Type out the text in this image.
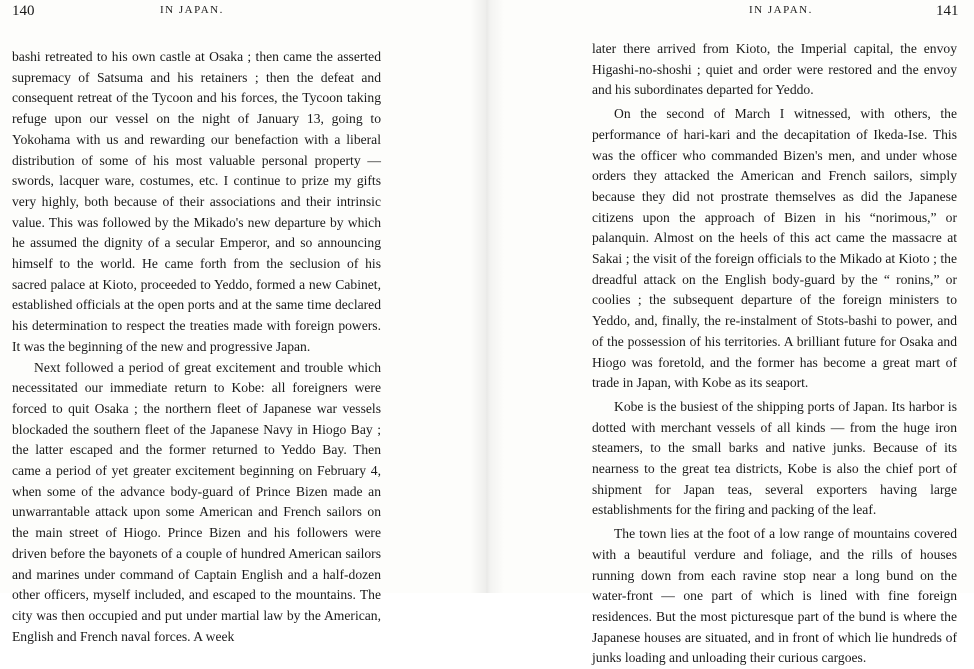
140	IN JAPAN.

bashi retreated to his own castle at Osaka ; then came the asserted supremacy of Satsuma and his retainers ; then the defeat and consequent retreat of the Tycoon and his forces, the Tycoon taking refuge upon our vessel on the night of January 13, going to Yokohama with us and rewarding our benefaction with a liberal distribution of some of his most valuable personal property — swords, lacquer ware, costumes, etc. I continue to prize my gifts very highly, both because of their associations and their intrinsic value. This was followed by the Mikado's new departure by which he assumed the dignity of a secular Emperor, and so announcing himself to the world. He came forth from the seclusion of his sacred palace at Kioto, proceeded to Yeddo, formed a new Cabinet, established officials at the open ports and at the same time declared his determination to respect the treaties made with foreign powers. It was the beginning of the new and progressive Japan.

Next followed a period of great excitement and trouble which necessitated our immediate return to Kobe: all foreigners were forced to quit Osaka ; the northern fleet of Japanese war vessels blockaded the southern fleet of the Japanese Navy in Hiogo Bay ; the latter escaped and the former returned to Yeddo Bay. Then came a period of yet greater excitement beginning on February 4, when some of the advance body-guard of Prince Bizen made an unwarrantable attack upon some American and French sailors on the main street of Hiogo. Prince Bizen and his followers were driven before the bayonets of a couple of hundred American sailors and marines under command of Captain English and a half-dozen other officers, myself included, and escaped to the mountains. The city was then occupied and put under martial law by the American, English and French naval forces. A week

IN JAPAN.	141

later there arrived from Kioto, the Imperial capital, the envoy Higashi-no-shoshi ; quiet and order were restored and the envoy and his subordinates departed for Yeddo.

On the second of March I witnessed, with others, the performance of hari-kari and the decapitation of Ikeda-Ise. This was the officer who commanded Bizen's men, and under whose orders they attacked the American and French sailors, simply because they did not prostrate themselves as did the Japanese citizens upon the approach of Bizen in his “norimous,” or palanquin. Almost on the heels of this act came the massacre at Sakai ; the visit of the foreign officials to the Mikado at Kioto ; the dreadful attack on the English body-guard by the “ ronins,” or coolies ; the subsequent departure of the foreign ministers to Yeddo, and, finally, the re-instalment of Stots-bashi to power, and of the possession of his territories. A brilliant future for Osaka and Hiogo was foretold, and the former has become a great mart of trade in Japan, with Kobe as its seaport.

Kobe is the busiest of the shipping ports of Japan. Its harbor is dotted with merchant vessels of all kinds — from the huge iron steamers, to the small barks and native junks. Because of its nearness to the great tea districts, Kobe is also the chief port of shipment for Japan teas, several exporters having large establishments for the firing and packing of the leaf.

The town lies at the foot of a low range of mountains covered with a beautiful verdure and foliage, and the rills of houses running down from each ravine stop near a long bund on the water-front — one part of which is lined with fine foreign residences. But the most picturesque part of the bund is where the Japanese houses are situated, and in front of which lie hundreds of junks loading and unloading their curious cargoes.
